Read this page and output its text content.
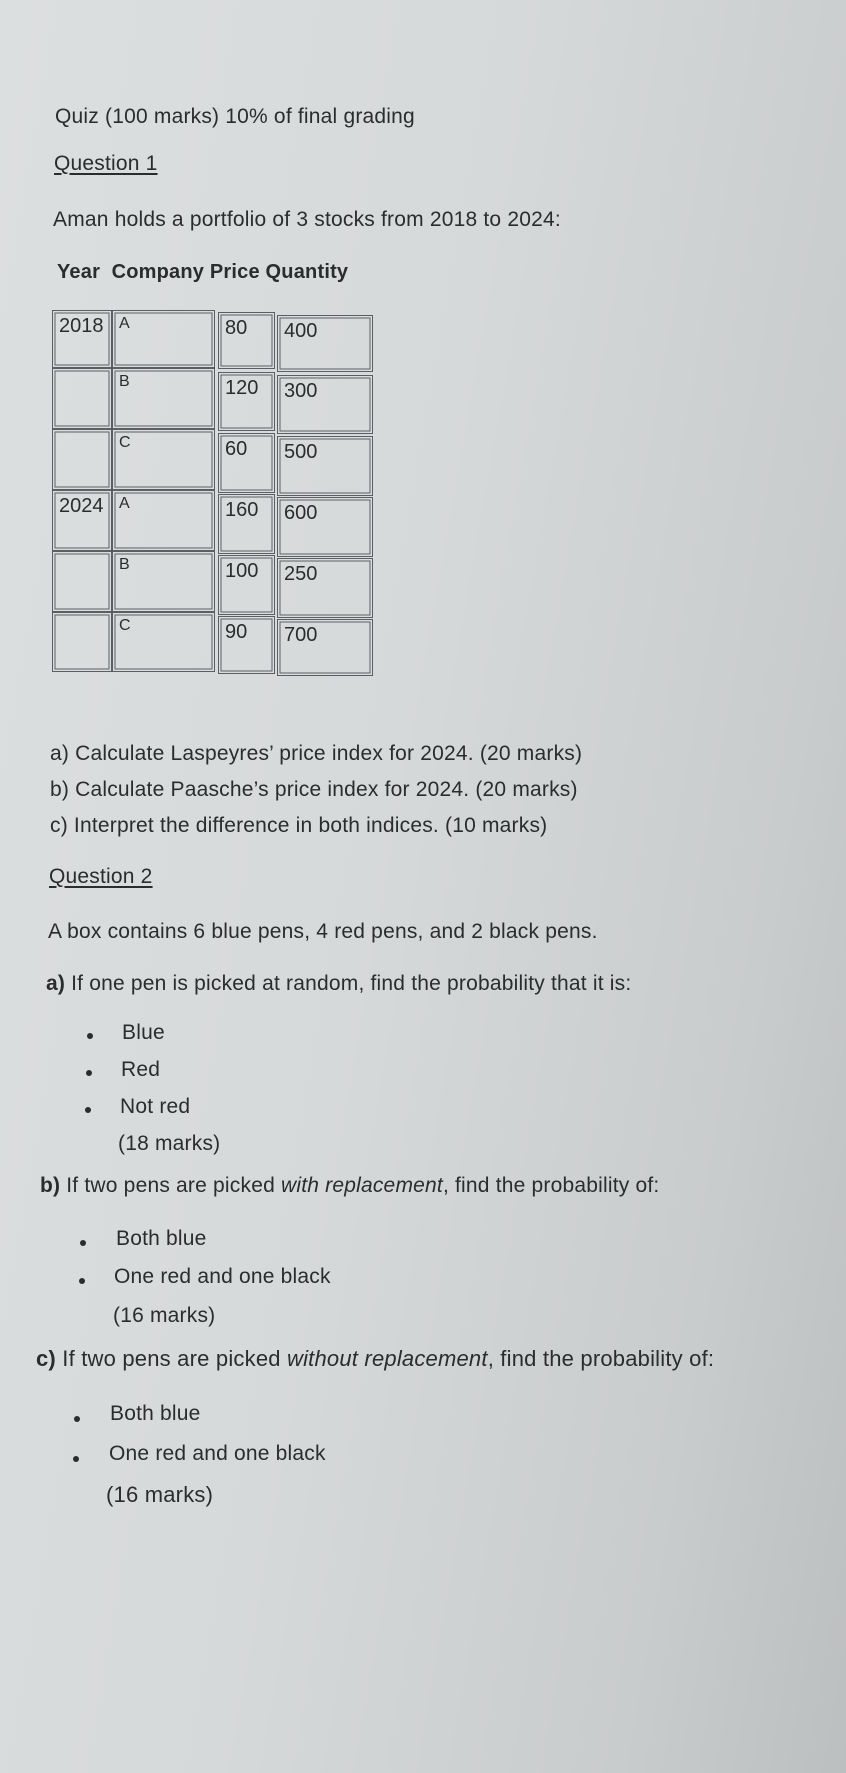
Quiz (100 marks) 10% of final grading
Question 1
Aman holds a portfolio of 3 stocks from 2018 to 2024:
Year  Company Price Quantity
2018 A	80	400
B	120	300
C	60	500
2024 A	160	600
B	100	250
C	90	700
a) Calculate Laspeyres’ price index for 2024. (20 marks)
b) Calculate Paasche’s price index for 2024. (20 marks)
c) Interpret the difference in both indices. (10 marks)
Question 2
A box contains 6 blue pens, 4 red pens, and 2 black pens.
a) If one pen is picked at random, find the probability that it is:
Blue
Red
Not red
(18 marks)
b) If two pens are picked with replacement, find the probability of:
Both blue
One red and one black
(16 marks)
c) If two pens are picked without replacement, find the probability of:
Both blue
One red and one black
(16 marks)
